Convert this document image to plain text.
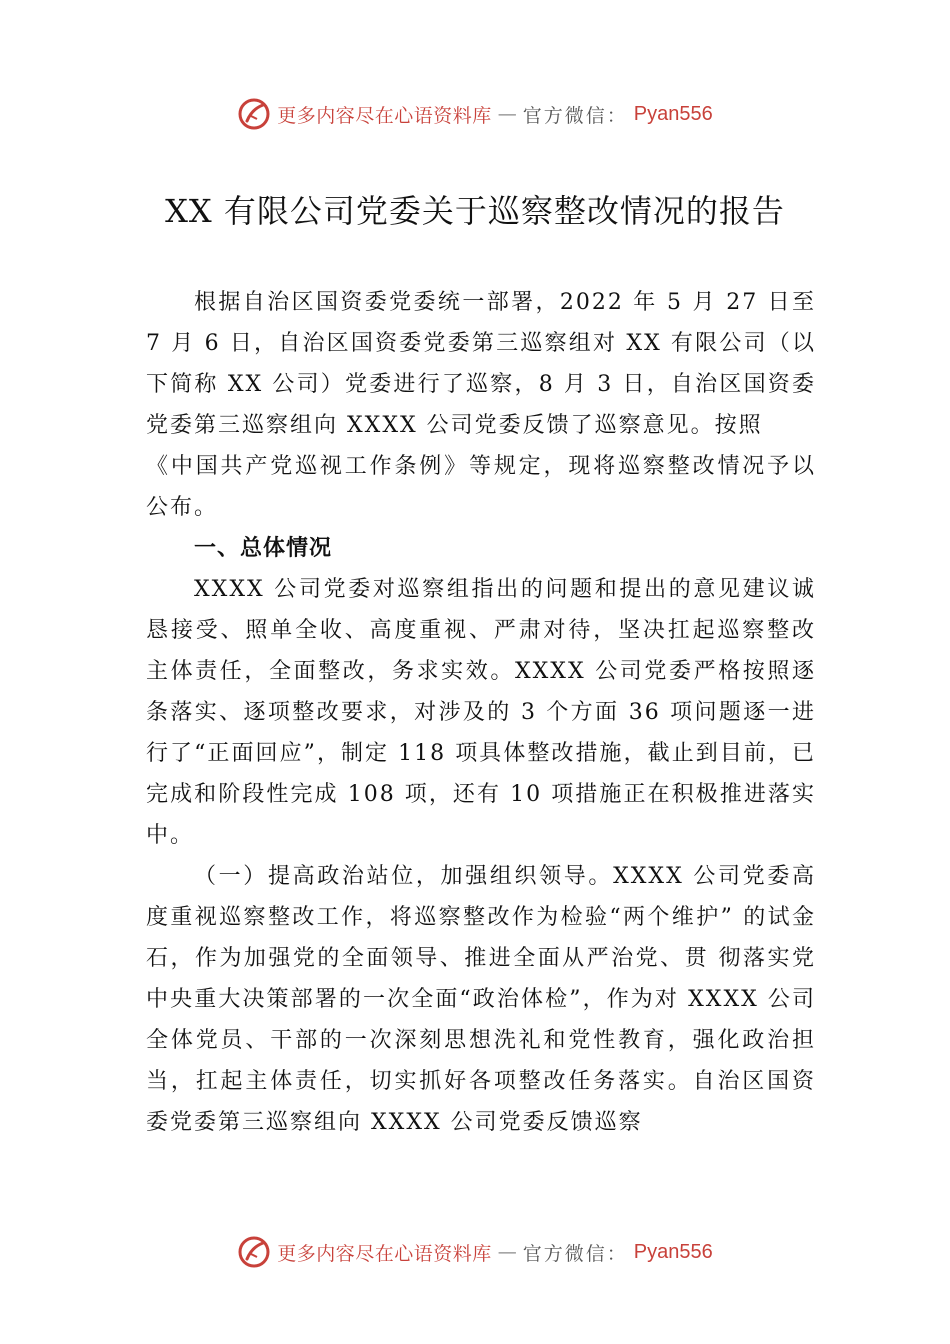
更多内容尽在心语资料库 — 官方微信： Pyan556
XX 有限公司党委关于巡察整改情况的报告

根据自治区国资委党委统一部署，2022 年 5 月 27 日至 7 月 6 日，自治区国资委党委第三巡察组对 XX 有限公司（以下简称 XX 公司）党委进行了巡察，8 月 3 日，自治区国资委党委第三巡察组向 XXXX 公司党委反馈了巡察意见。按照

《中国共产党巡视工作条例》等规定，现将巡察整改情况予以公布。

一、总体情况

XXXX 公司党委对巡察组指出的问题和提出的意见建议诚恳接受、照单全收、高度重视、严肃对待，坚决扛起巡察整改主体责任，全面整改，务求实效。XXXX 公司党委严格按照逐条落实、逐项整改要求，对涉及的 3 个方面 36 项问题逐一进行了“正面回应”，制定 118 项具体整改措施，截止到目前，已完成和阶段性完成 108 项，还有 10 项措施正在积极推进落实中。

（一）提高政治站位，加强组织领导。XXXX 公司党委高度重视巡察整改工作，将巡察整改作为检验“两个维护” 的试金石，作为加强党的全面领导、推进全面从严治党、贯 彻落实党中央重大决策部署的一次全面“政治体检”，作为对 XXXX 公司全体党员、干部的一次深刻思想洗礼和党性教育，强化政治担当，扛起主体责任，切实抓好各项整改任务落实。自治区国资委党委第三巡察组向 XXXX 公司党委反馈巡察

更多内容尽在心语资料库 — 官方微信： Pyan556
